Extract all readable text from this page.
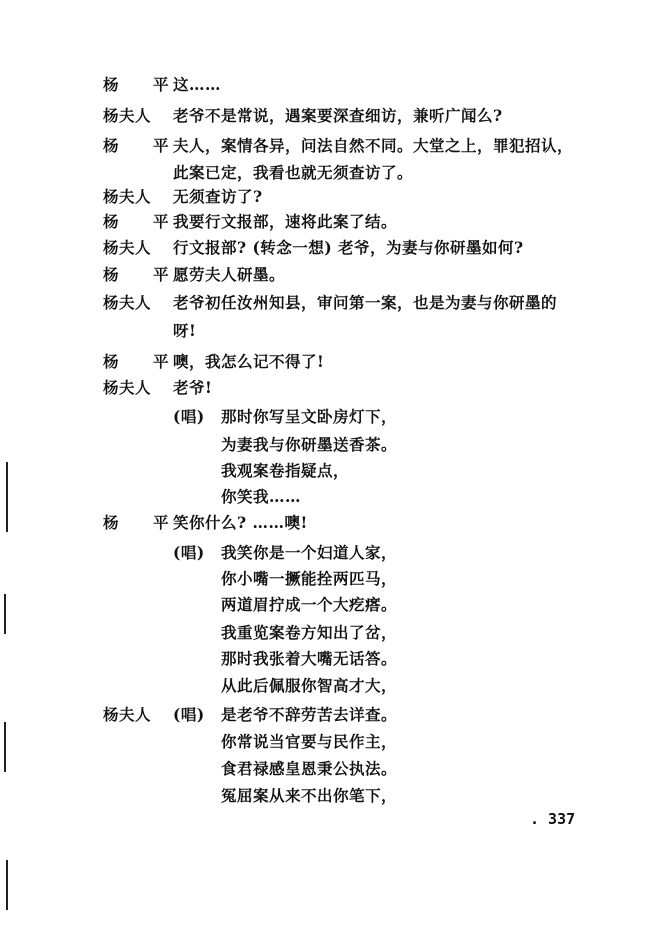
杨 平 这……
杨夫人 老爷不是常说，遇案要深查细访，兼听广闻么?
杨 平 夫人，案情各异，问法自然不同。大堂之上，罪犯招认，
此案已定，我看也就无须查访了。
杨夫人 无须查访了?
杨 平 我要行文报部，速将此案了结。
杨夫人 行文报部? (转念一想) 老爷，为妻与你研墨如何?
杨 平 愿劳夫人研墨。
杨夫人 老爷初任汝州知县，审问第一案，也是为妻与你研墨的
呀!
杨 平 噢，我怎么记不得了!
杨夫人 老爷!
(唱) 那时你写呈文卧房灯下，
为妻我与你研墨送香茶。
我观案卷指疑点，
你笑我……
杨 平 笑你什么? ……噢!
(唱) 我笑你是一个妇道人家，
你小嘴一撅能拴两匹马，
两道眉拧成一个大疙瘩。
我重览案卷方知出了岔，
那时我张着大嘴无话答。
从此后佩服你智高才大，
杨夫人 (唱) 是老爷不辞劳苦去详查。
你常说当官要与民作主，
食君禄感皇恩秉公执法。
冤屈案从来不出你笔下，
. 337
